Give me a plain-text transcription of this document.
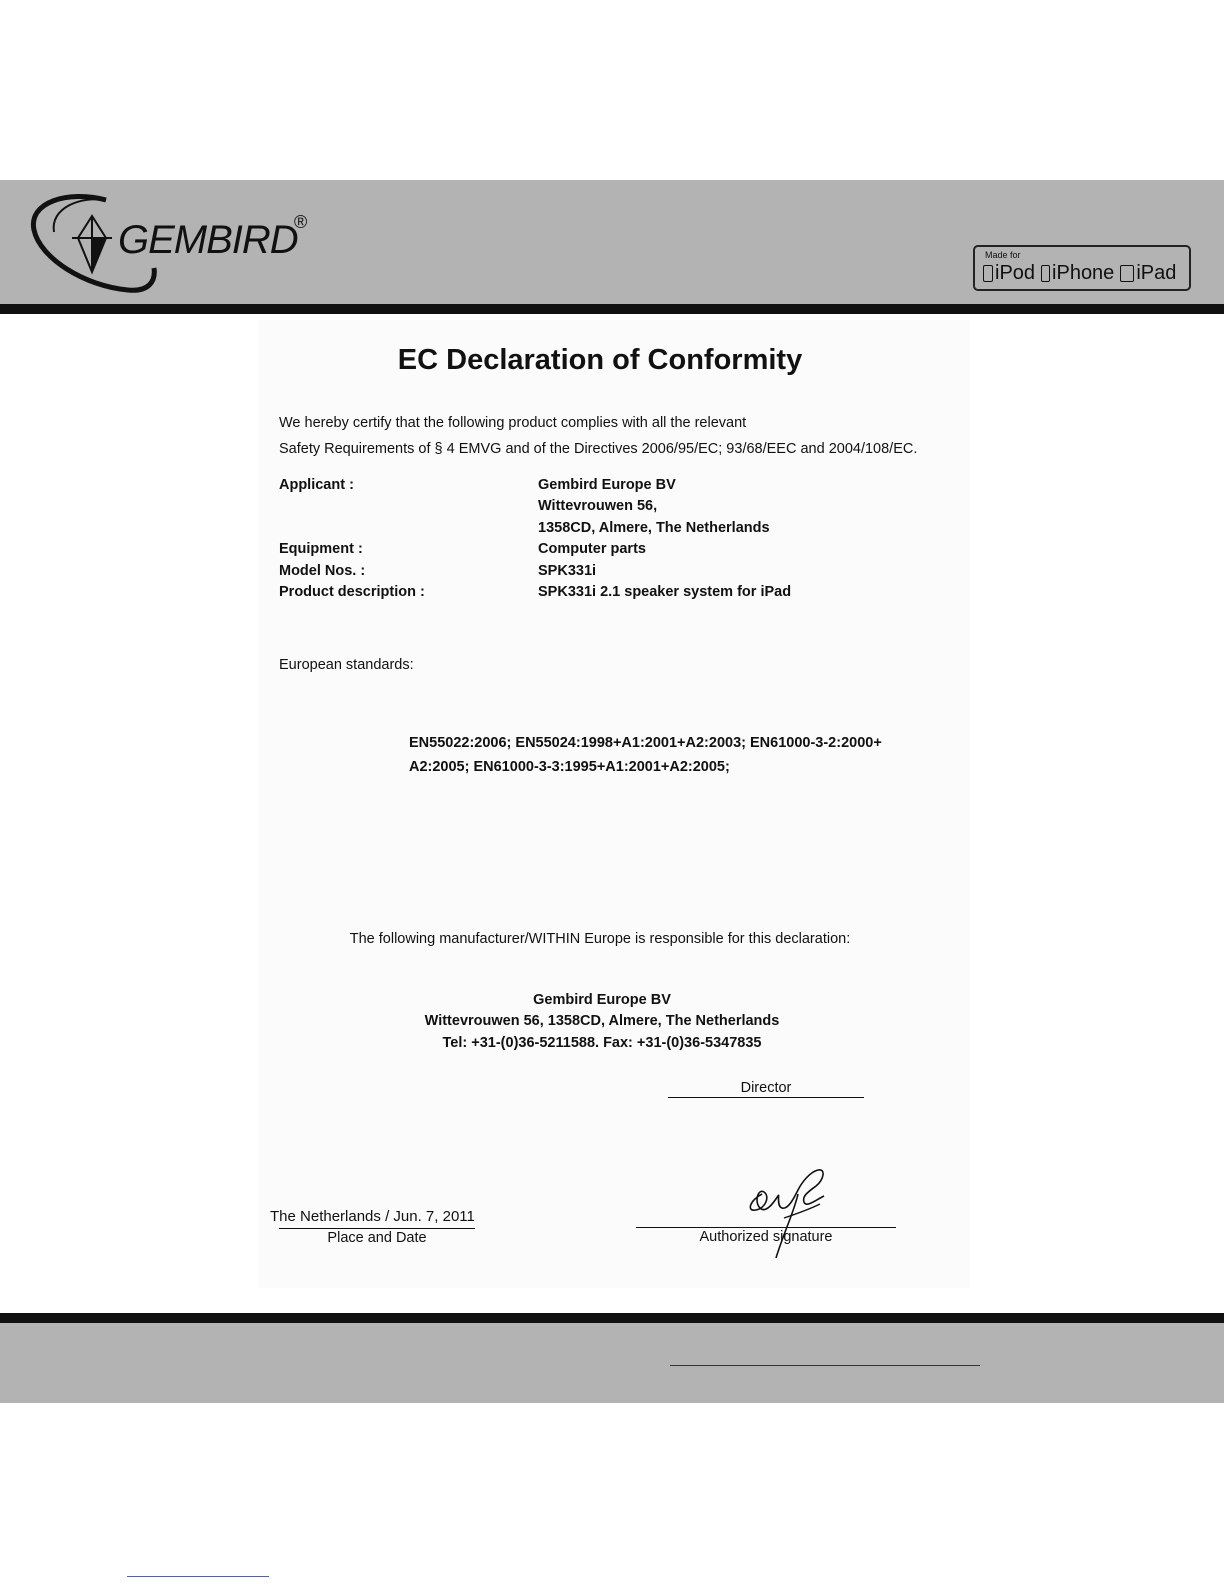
GEMBIRD
®
Made for
iPod iPhone iPad
EC Declaration of Conformity
We hereby certify that the following product complies with all the relevant
Safety Requirements of § 4 EMVG and of the Directives 2006/95/EC; 93/68/EEC and 2004/108/EC.
Applicant :	Gembird Europe BV
Wittevrouwen 56,
1358CD, Almere, The Netherlands
Equipment :	Computer parts
Model Nos. :	SPK331i
Product description :	SPK331i 2.1 speaker system for iPad
European standards:
EN55022:2006; EN55024:1998+A1:2001+A2:2003; EN61000-3-2:2000+
A2:2005; EN61000-3-3:1995+A1:2001+A2:2005;
The following manufacturer/WITHIN Europe is responsible for this declaration:
Gembird Europe BV
Wittevrouwen 56, 1358CD, Almere, The Netherlands
Tel: +31-(0)36-5211588. Fax: +31-(0)36-5347835
Director
The Netherlands / Jun. 7, 2011
Place and Date	Authorized signature
